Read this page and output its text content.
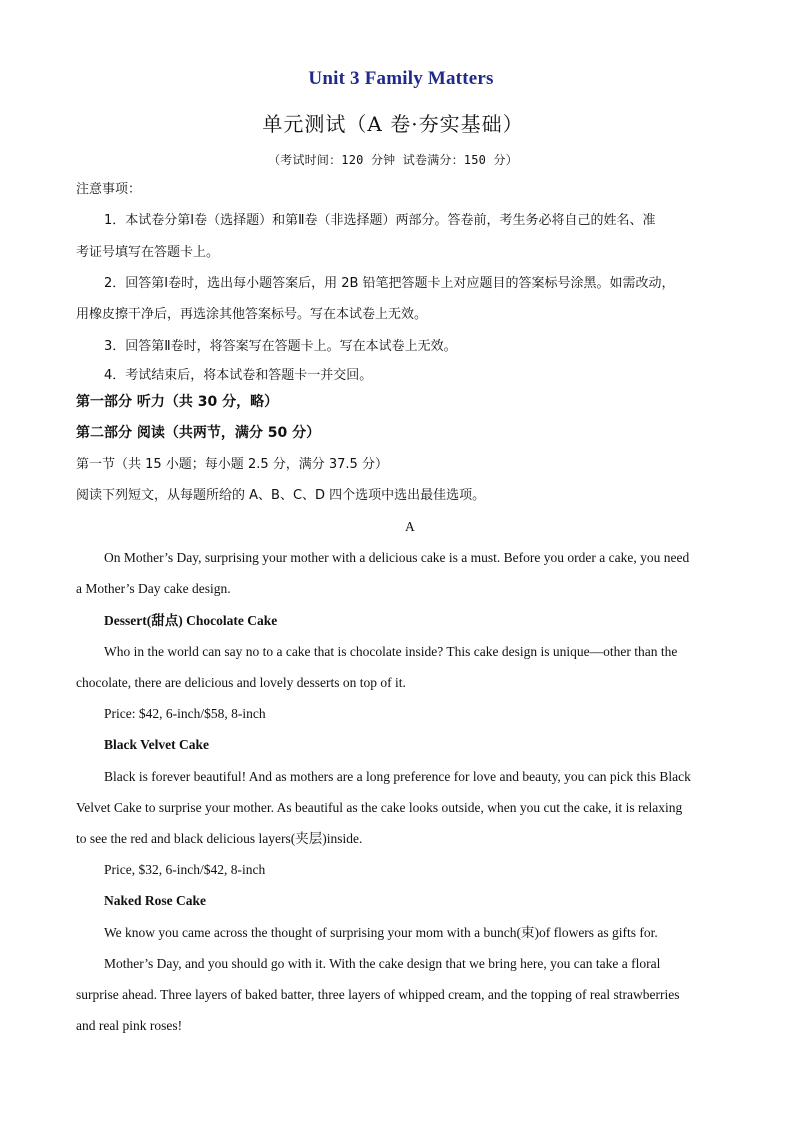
Unit 3 Family Matters
单元测试（A 卷·夯实基础）
（考试时间：120 分钟 试卷满分：150 分）
注意事项：
1．本试卷分第Ⅰ卷（选择题）和第Ⅱ卷（非选择题）两部分。答卷前，考生务必将自己的姓名、准
考证号填写在答题卡上。
2．回答第Ⅰ卷时，选出每小题答案后，用 2B 铅笔把答题卡上对应题目的答案标号涂黑。如需改动，
用橡皮擦干净后，再选涂其他答案标号。写在本试卷上无效。
3．回答第Ⅱ卷时，将答案写在答题卡上。写在本试卷上无效。
4．考试结束后，将本试卷和答题卡一并交回。
第一部分 听力（共 30 分，略）
第二部分 阅读（共两节，满分 50 分）
第一节（共 15 小题；每小题 2.5 分，满分 37.5 分）
阅读下列短文，从每题所给的 A、B、C、D 四个选项中选出最佳选项。
A
On Mother’s Day, surprising your mother with a delicious cake is a must. Before you order a cake, you need
a Mother’s Day cake design.
Dessert(甜点) Chocolate Cake
Who in the world can say no to a cake that is chocolate inside? This cake design is unique—other than the
chocolate, there are delicious and lovely desserts on top of it.
Price: $42, 6-inch/$58, 8-inch
Black Velvet Cake
Black is forever beautiful! And as mothers are a long preference for love and beauty, you can pick this Black
Velvet Cake to surprise your mother. As beautiful as the cake looks outside, when you cut the cake, it is relaxing
to see the red and black delicious layers(夹层)inside.
Price, $32, 6-inch/$42, 8-inch
Naked Rose Cake
We know you came across the thought of surprising your mom with a bunch(束)of flowers as gifts for.
Mother’s Day, and you should go with it. With the cake design that we bring here, you can take a floral
surprise ahead. Three layers of baked batter, three layers of whipped cream, and the topping of real strawberries
and real pink roses!
